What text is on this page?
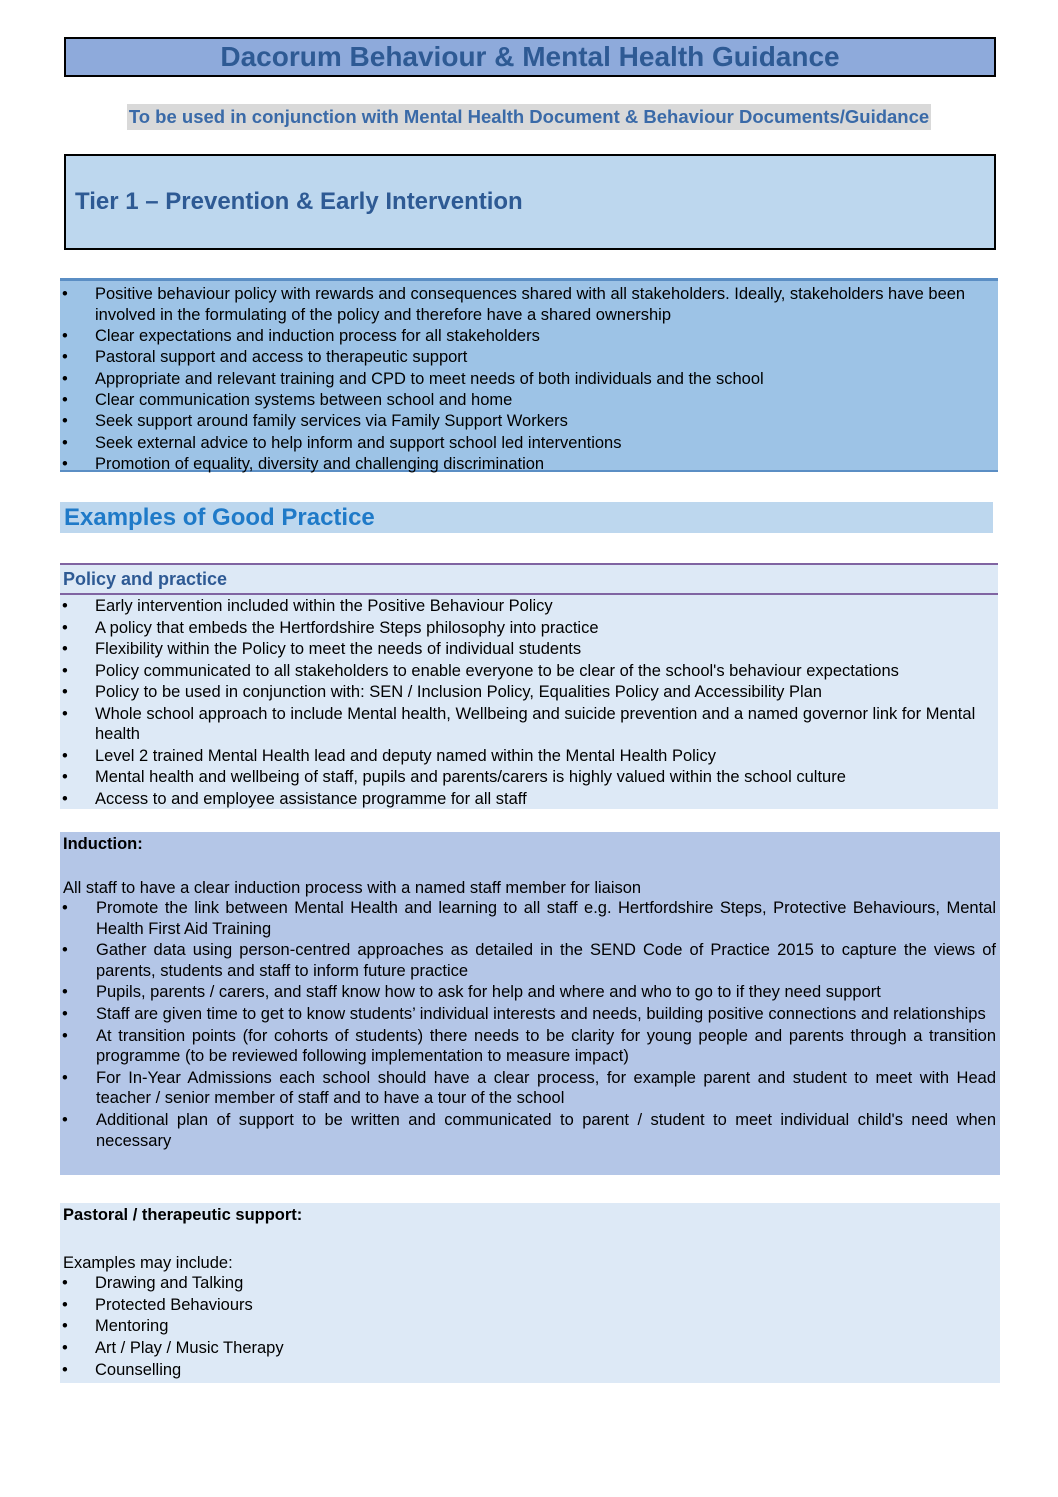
Dacorum Behaviour & Mental Health Guidance
To be used in conjunction with Mental Health Document & Behaviour Documents/Guidance
Tier 1 – Prevention & Early Intervention
• Positive behaviour policy with rewards and consequences shared with all stakeholders. Ideally, stakeholders have been involved in the formulating of the policy and therefore have a shared ownership
• Clear expectations and induction process for all stakeholders
• Pastoral support and access to therapeutic support
• Appropriate and relevant training and CPD to meet needs of both individuals and the school
• Clear communication systems between school and home
• Seek support around family services via Family Support Workers
• Seek external advice to help inform and support school led interventions
• Promotion of equality, diversity and challenging discrimination
Examples of Good Practice
Policy and practice
• Early intervention included within the Positive Behaviour Policy
• A policy that embeds the Hertfordshire Steps philosophy into practice
• Flexibility within the Policy to meet the needs of individual students
• Policy communicated to all stakeholders to enable everyone to be clear of the school's behaviour expectations
• Policy to be used in conjunction with: SEN / Inclusion Policy, Equalities Policy and Accessibility Plan
• Whole school approach to include Mental health, Wellbeing and suicide prevention and a named governor link for Mental health
• Level 2 trained Mental Health lead and deputy named within the Mental Health Policy
• Mental health and wellbeing of staff, pupils and parents/carers is highly valued within the school culture
• Access to and employee assistance programme for all staff

Induction:

All staff to have a clear induction process with a named staff member for liaison

• Promote the link between Mental Health and learning to all staff e.g. Hertfordshire Steps, Protective Behaviours, Mental Health First Aid Training
• Gather data using person-centred approaches as detailed in the SEND Code of Practice 2015 to capture the views of parents, students and staff to inform future practice
• Pupils, parents / carers, and staff know how to ask for help and where and who to go to if they need support
• Staff are given time to get to know students’ individual interests and needs, building positive connections and relationships
• At transition points (for cohorts of students) there needs to be clarity for young people and parents through a transition programme (to be reviewed following implementation to measure impact)
• For In-Year Admissions each school should have a clear process, for example parent and student to meet with Head teacher / senior member of staff and to have a tour of the school
• Additional plan of support to be written and communicated to parent / student to meet individual child's need when necessary

Pastoral / therapeutic support:

Examples may include:

• Drawing and Talking
• Protected Behaviours
• Mentoring
• Art / Play / Music Therapy
• Counselling
